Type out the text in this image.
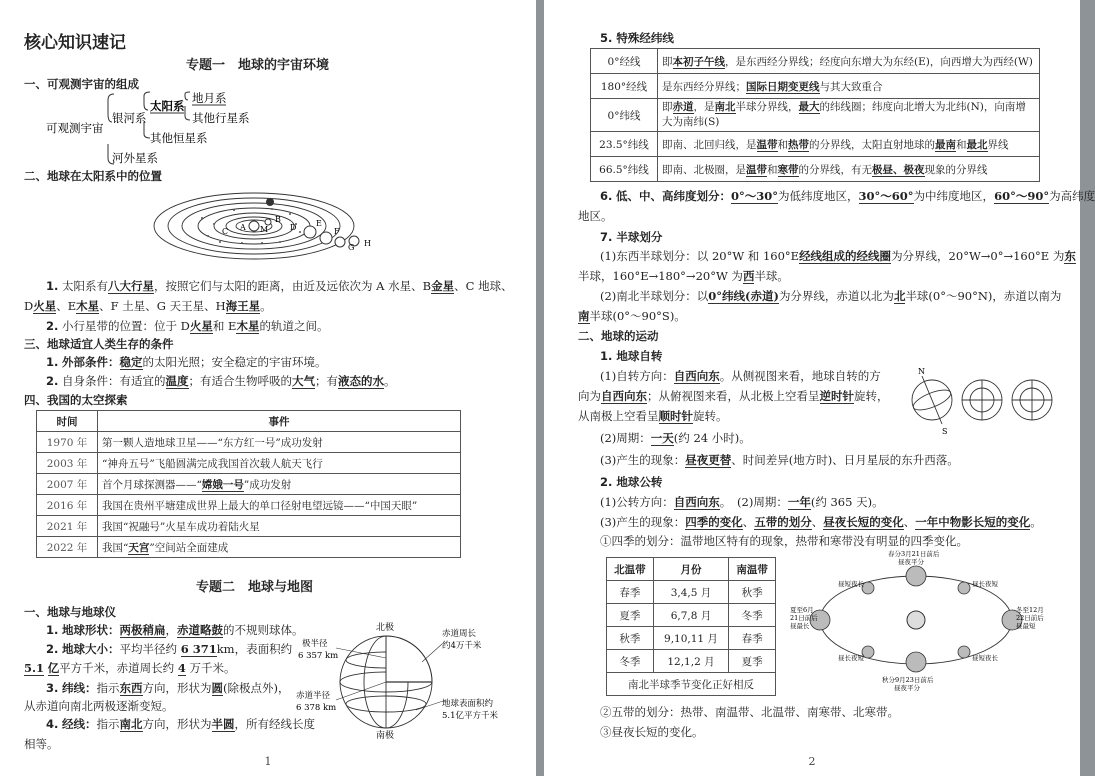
核心知识速记
专题一　地球的宇宙环境
一、可观测宇宙的组成
可观测宇宙
银河系
太阳系
地月系
其他行星系
其他恒星系
河外星系
二、地球在太阳系中的位置
A M
C
B
D E
F
G H
1. 太阳系有八大行星，按照它们与太阳的距离，由近及远依次为 A 水星、B金星、C 地球、
D火星、E木星、F 土星、G 天王星、H海王星。
2. 小行星带的位置：位于 D火星和 E木星的轨道之间。
三、地球适宜人类生存的条件
1. 外部条件：稳定的太阳光照；安全稳定的宇宙环境。
2. 自身条件：有适宜的温度；有适合生物呼吸的大气；有液态的水。
四、我国的太空探索
时间	事件
1970 年	第一颗人造地球卫星——“东方红一号”成功发射
2003 年	“神舟五号”飞船圆满完成我国首次载人航天飞行
2007 年	首个月球探测器——“嫦娥一号”成功发射
2016 年	我国在贵州平塘建成世界上最大的单口径射电望远镜——“中国天眼”
2021 年	我国“祝融号”火星车成功着陆火星
2022 年	我国“天宫”空间站全面建成
专题二　地球与地图
一、地球与地球仪
1. 地球形状：两极稍扁，赤道略鼓的不规则球体。
2. 地球大小：平均半径约 6 371km，表面积约
5.1 亿平方千米，赤道周长约 4 万千米。
3. 纬线：指示东西方向，形状为圆(除极点外)，
从赤道向南北两极逐渐变短。
4. 经线：指示南北方向，形状为半圆，所有经线长度
相等。
北极
南极
极半径
6 357 km
赤道半径
6 378 km
赤道周长
约4万千米
地球表面积约
5.1亿平方千米
1
5. 特殊经纬线
0°经线	即本初子午线，是东西经分界线；经度向东增大为东经(E)，向西增大为西经(W)
180°经线	是东西经分界线；国际日期变更线与其大致重合
0°纬线	即赤道，是南北半球分界线，最大的纬线圈；纬度向北增大为北纬(N)，向南增大为南纬(S)
23.5°纬线	即南、北回归线，是温带和热带的分界线，太阳直射地球的最南和最北界线
66.5°纬线	即南、北极圈，是温带和寒带的分界线，有无极昼、极夜现象的分界线
6. 低、中、高纬度划分：0°～30°为低纬度地区，30°～60°为中纬度地区，60°～90°为高纬度
地区。
7. 半球划分
(1)东西半球划分：以 20°W 和 160°E经线组成的经线圈为分界线，20°W→0°→160°E 为东
半球，160°E→180°→20°W 为西半球。
(2)南北半球划分：以0°纬线(赤道)为分界线，赤道以北为北半球(0°～90°N)，赤道以南为
南半球(0°～90°S)。
二、地球的运动
1. 地球自转
(1)自转方向：自西向东。从侧视图来看，地球自转的方
向为自西向东；从俯视图来看，从北极上空看呈逆时针旋转，
从南极上空看呈顺时针旋转。
(2)周期：一天(约 24 小时)。
(3)产生的现象：昼夜更替、时间差异(地方时)、日月星辰的东升西落。
N
S
2. 地球公转
(1)公转方向：自西向东。　(2)周期：一年(约 365 天)。
(3)产生的现象：四季的变化、五带的划分、昼夜长短的变化、一年中物影长短的变化。
①四季的划分：温带地区特有的现象，热带和寒带没有明显的四季变化。
北温带	月份	南温带
春季	3,4,5 月	秋季
夏季	6,7,8 月	冬季
秋季	9,10,11 月	春季
冬季	12,1,2 月	夏季
南北半球季节变化正好相反		
春分3月21日前后
昼夜平分
夏至6月
21日前后
昼最长
冬至12月
22日前后
昼最短
秋分9月23日前后
昼夜平分
昼短夜长	昼长夜短
昼长夜短	昼短夜长
②五带的划分：热带、南温带、北温带、南寒带、北寒带。
③昼夜长短的变化。
2
